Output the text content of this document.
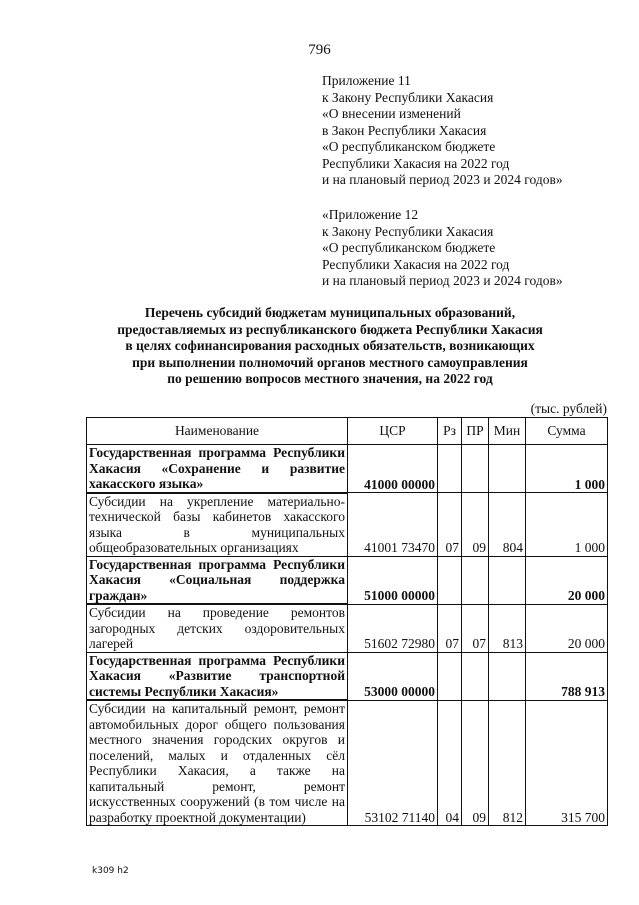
796
Приложение 11
к Закону Республики Хакасия
«О внесении изменений
в Закон Республики Хакасия
«О республиканском бюджете
Республики Хакасия на 2022 год
и на плановый период 2023 и 2024 годов»
«Приложение 12
к Закону Республики Хакасия
«О республиканском бюджете
Республики Хакасия на 2022 год
и на плановый период 2023 и 2024 годов»
Перечень субсидий бюджетам муниципальных образований,
предоставляемых из республиканского бюджета Республики Хакасия
в целях софинансирования расходных обязательств, возникающих
при выполнении полномочий органов местного самоуправления
по решению вопросов местного значения, на 2022 год
(тыс. рублей)
Наименование	ЦСР	Рз	ПР	Мин	Сумма
Государственная программа Республики Хакасия «Сохранение и развитие хакасского языка»	41000 00000				1 000
Субсидии на укрепление материально-технической базы кабинетов хакасского языка в муниципальных общеобразовательных организациях	41001 73470	07	09	804	1 000
Государственная программа Республики Хакасия «Социальная поддержка граждан»	51000 00000				20 000
Субсидии на проведение ремонтов загородных детских оздоровительных лагерей	51602 72980	07	07	813	20 000
Государственная программа Республики Хакасия «Развитие транспортной системы Республики Хакасия»	53000 00000				788 913
Субсидии на капитальный ремонт, ремонт автомобильных дорог общего пользования местного значения городских округов и поселений, малых и отдаленных сёл Республики Хакасия, а также на капитальный ремонт, ремонт искусственных сооружений (в том числе на разработку проектной документации)	53102 71140	04	09	812	315 700
k309 h2
